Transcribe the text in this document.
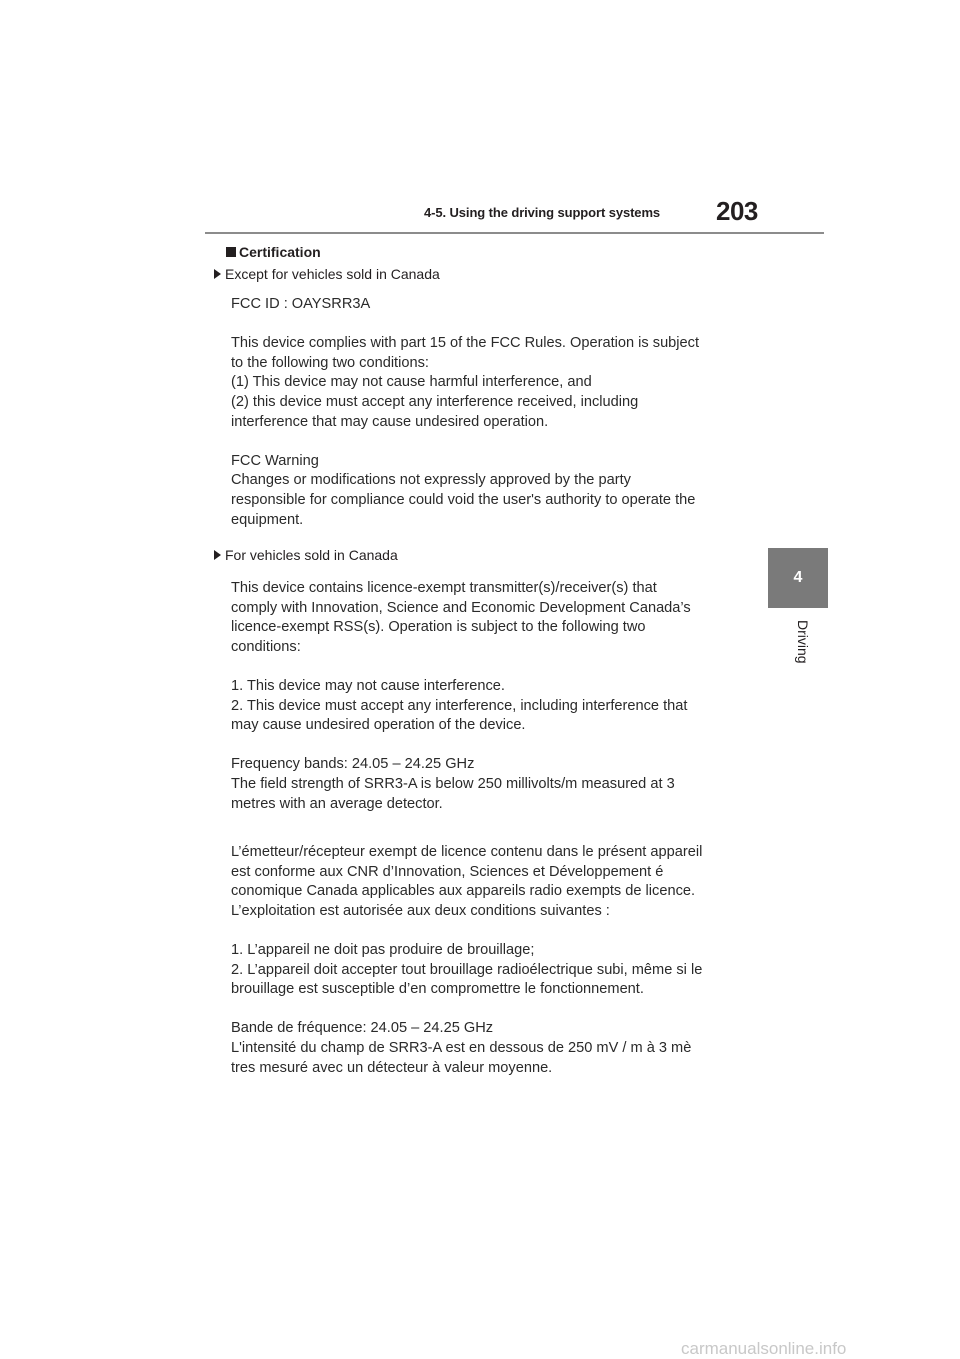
4-5. Using the driving support systems 203
4
Driving
Certification
Except for vehicles sold in Canada

FCC ID : OAYSRR3A

This device complies with part 15 of the FCC Rules. Operation is subject

to the following two conditions:

(1) This device may not cause harmful interference, and

(2) this device must accept any interference received, including

interference that may cause undesired operation.

FCC Warning

Changes or modifications not expressly approved by the party

responsible for compliance could void the user's authority to operate the

equipment.

For vehicles sold in Canada

This device contains licence-exempt transmitter(s)/receiver(s) that

comply with Innovation, Science and Economic Development Canada’s

licence-exempt RSS(s). Operation is subject to the following two

conditions:

1. This device may not cause interference.

2. This device must accept any interference, including interference that

may cause undesired operation of the device.

Frequency bands: 24.05 – 24.25 GHz

The field strength of SRR3-A is below 250 millivolts/m measured at 3

metres with an average detector.

L’émetteur/récepteur exempt de licence contenu dans le présent appareil

est conforme aux CNR d’Innovation, Sciences et Développement é

conomique Canada applicables aux appareils radio exempts de licence.

L’exploitation est autorisée aux deux conditions suivantes :

1. L’appareil ne doit pas produire de brouillage;

2. L’appareil doit accepter tout brouillage radioélectrique subi, même si le

brouillage est susceptible d’en compromettre le fonctionnement.

Bande de fréquence: 24.05 – 24.25 GHz

L'intensité du champ de SRR3-A est en dessous de 250 mV / m à 3 mè

tres mesuré avec un détecteur à valeur moyenne.

carmanualsonline.info
